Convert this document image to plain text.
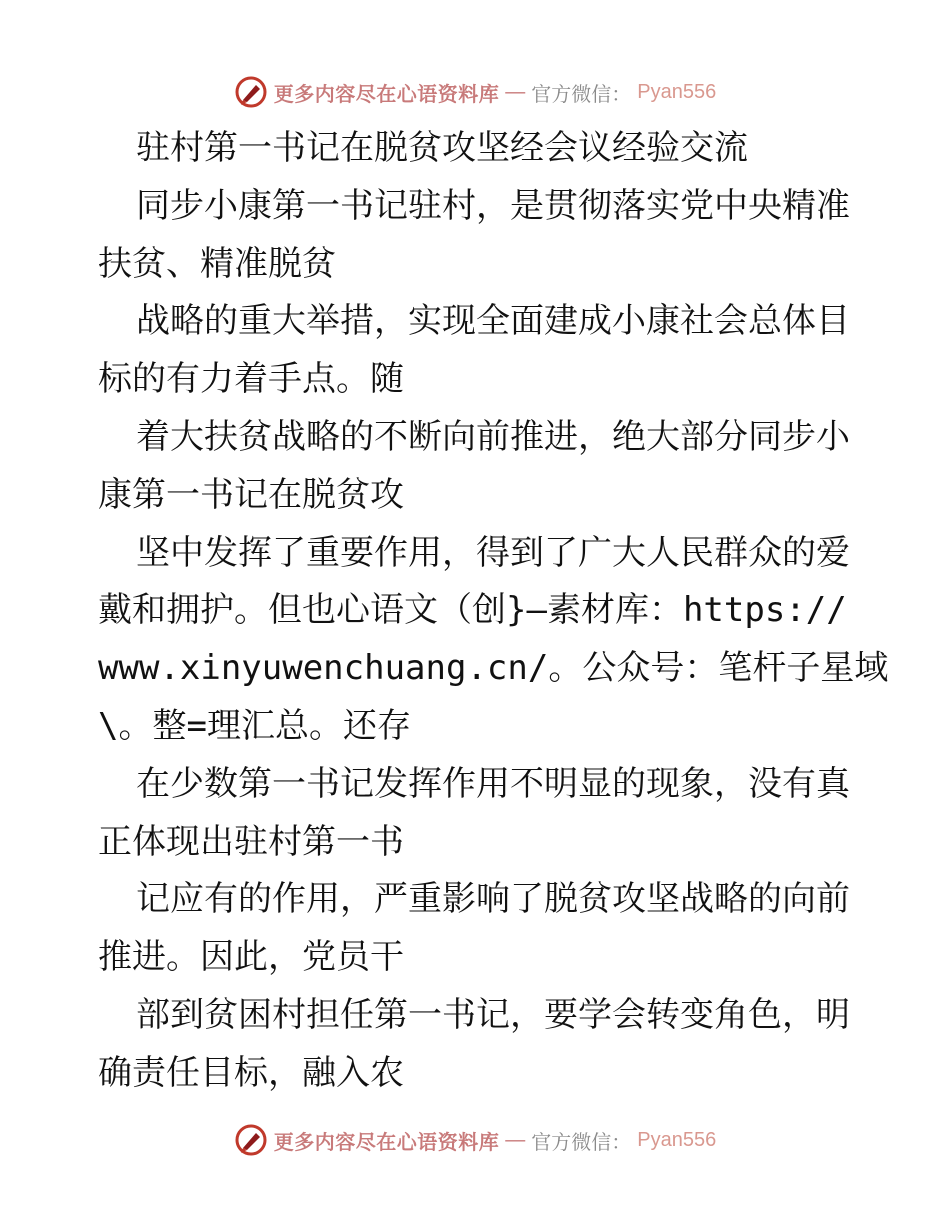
更多内容尽在心语资料库 — 官方微信： Pyan556
驻村第一书记在脱贫攻坚经会议经验交流
同步小康第一书记驻村，是贯彻落实党中央精准
扶贫、精准脱贫
战略的重大举措，实现全面建成小康社会总体目
标的有力着手点。随
着大扶贫战略的不断向前推进，绝大部分同步小
康第一书记在脱贫攻
坚中发挥了重要作用，得到了广大人民群众的爱
戴和拥护。但也心语文（创}—素材库：https://
www.xinyuwenchuang.cn/。公众号：笔杆子星域
\。整=理汇总。还存
在少数第一书记发挥作用不明显的现象，没有真
正体现出驻村第一书
记应有的作用，严重影响了脱贫攻坚战略的向前
推进。因此，党员干
部到贫困村担任第一书记，要学会转变角色，明
确责任目标，融入农
更多内容尽在心语资料库 — 官方微信： Pyan556
